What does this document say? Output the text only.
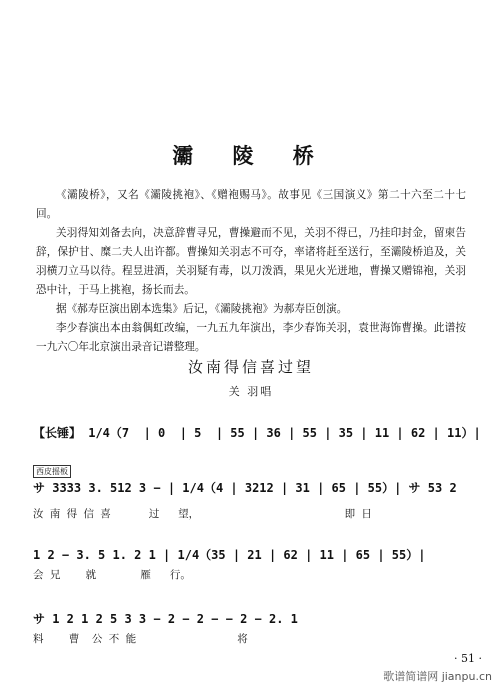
灞 陵 桥

《灞陵桥》，又名《灞陵挑袍》、《赠袍赐马》。故事见《三国演义》第二十六至二十七回。

关羽得知刘备去向，决意辞曹寻兄，曹操避而不见，关羽不得已，乃挂印封金，留柬告辞，保护甘、糜二夫人出许都。曹操知关羽志不可夺，率诸将赶至送行，至灞陵桥追及，关羽横刀立马以待。程昱进酒，关羽疑有毒，以刀泼酒，果见火光迸地，曹操又赠锦袍，关羽恐中计，于马上挑袍，扬长而去。

据《郝寿臣演出剧本选集》后记，《灞陵挑袍》为郝寿臣创演。

李少春演出本由翁偶虹改编，一九五九年演出，李少春饰关羽，袁世海饰曹操。此谱按一九六〇年北京演出录音记谱整理。

汝南得信喜过望
关 羽唱
【长锤】 1/4（7  | 0  | 5  | 55 | 36 | 55 | 35 | 11 | 62 | 11）|
西皮摇板
サ 3333 3. 512 3 − | 1/4（4 | 3212 | 31 | 65 | 55）| サ 53 2
汝 南 得 信 喜      过   望，                       即 日
1 2 − 3. 5 1. 2 1 | 1/4（35 | 21 | 62 | 11 | 65 | 55）|
会 兄    就       雁   行。
サ 1 2 1 2 5 3 3 − 2 − 2 − − 2 − 2. 1
料    曹  公 不 能                将
· 51 ·
歌谱简谱网 jianpu.cn
